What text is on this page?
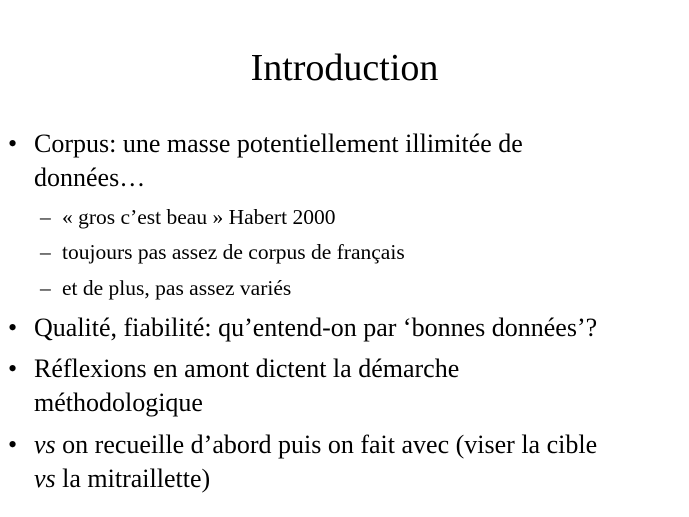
Introduction
• Corpus: une masse potentiellement illimitée de
données…
– « gros c’est beau » Habert 2000
– toujours pas assez de corpus de français
– et de plus, pas assez variés
• Qualité, fiabilité: qu’entend-on par ‘bonnes données’?
• Réflexions en amont dictent la démarche
méthodologique
• vs on recueille d’abord puis on fait avec (viser la cible
vs la mitraillette)
